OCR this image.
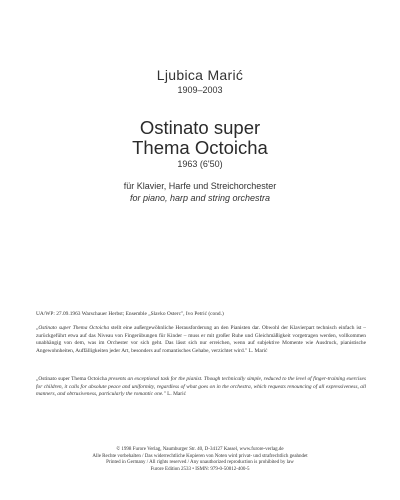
Ljubica Marić
1909–2003
Ostinato super
Thema Octoicha
1963 (6'50)
für Klavier, Harfe und Streichorchester
for piano, harp and string orchestra
UA/WP: 27.09.1963 Warschauer Herbst; Ensemble „Slavko Osterc", Ivo Petrić (cond.)
„Ostinato super Thema Octoicha stellt eine außergewöhnliche Herausforderung an den Pianisten dar. Obwohl der Klavierpart technisch einfach ist – zurückgeführt etwa auf das Niveau von Fingerübungen für Kinder – muss er mit großer Ruhe und Gleichmäßigkeit vorgetragen werden, vollkommen unabhängig von dem, was im Orchester vor sich geht. Das lässt sich nur erreichen, wenn auf subjektive Momente wie Ausdruck, pianistische Angewohnheiten, Auffälligkeiten jeder Art, besonders auf romantisches Gehabe, verzichtet wird." L. Marić
„Ostinato super Thema Octoicha presents an exceptional task for the pianist. Though technically simple, reduced to the level of finger-training exercises for children, it calls for absolute peace and uniformity, regardless of what goes on in the orchestra, which requests renouncing of all expressiveness, all manners, and obtrusiveness, particularly the romantic one." L. Marić
© 1998 Furore Verlag, Naumburger Str. 40, D-34127 Kassel, www.furore-verlag.de
Alle Rechte vorbehalten / Das widerrechtliche Kopieren von Noten wird privat- und strafrechtlich geahndet
Printed in Germany / All rights reserved / Any unauthorized reproduction is prohibited by law
Furore Edition 2533 • ISMN: 979-0-50012-400-5
